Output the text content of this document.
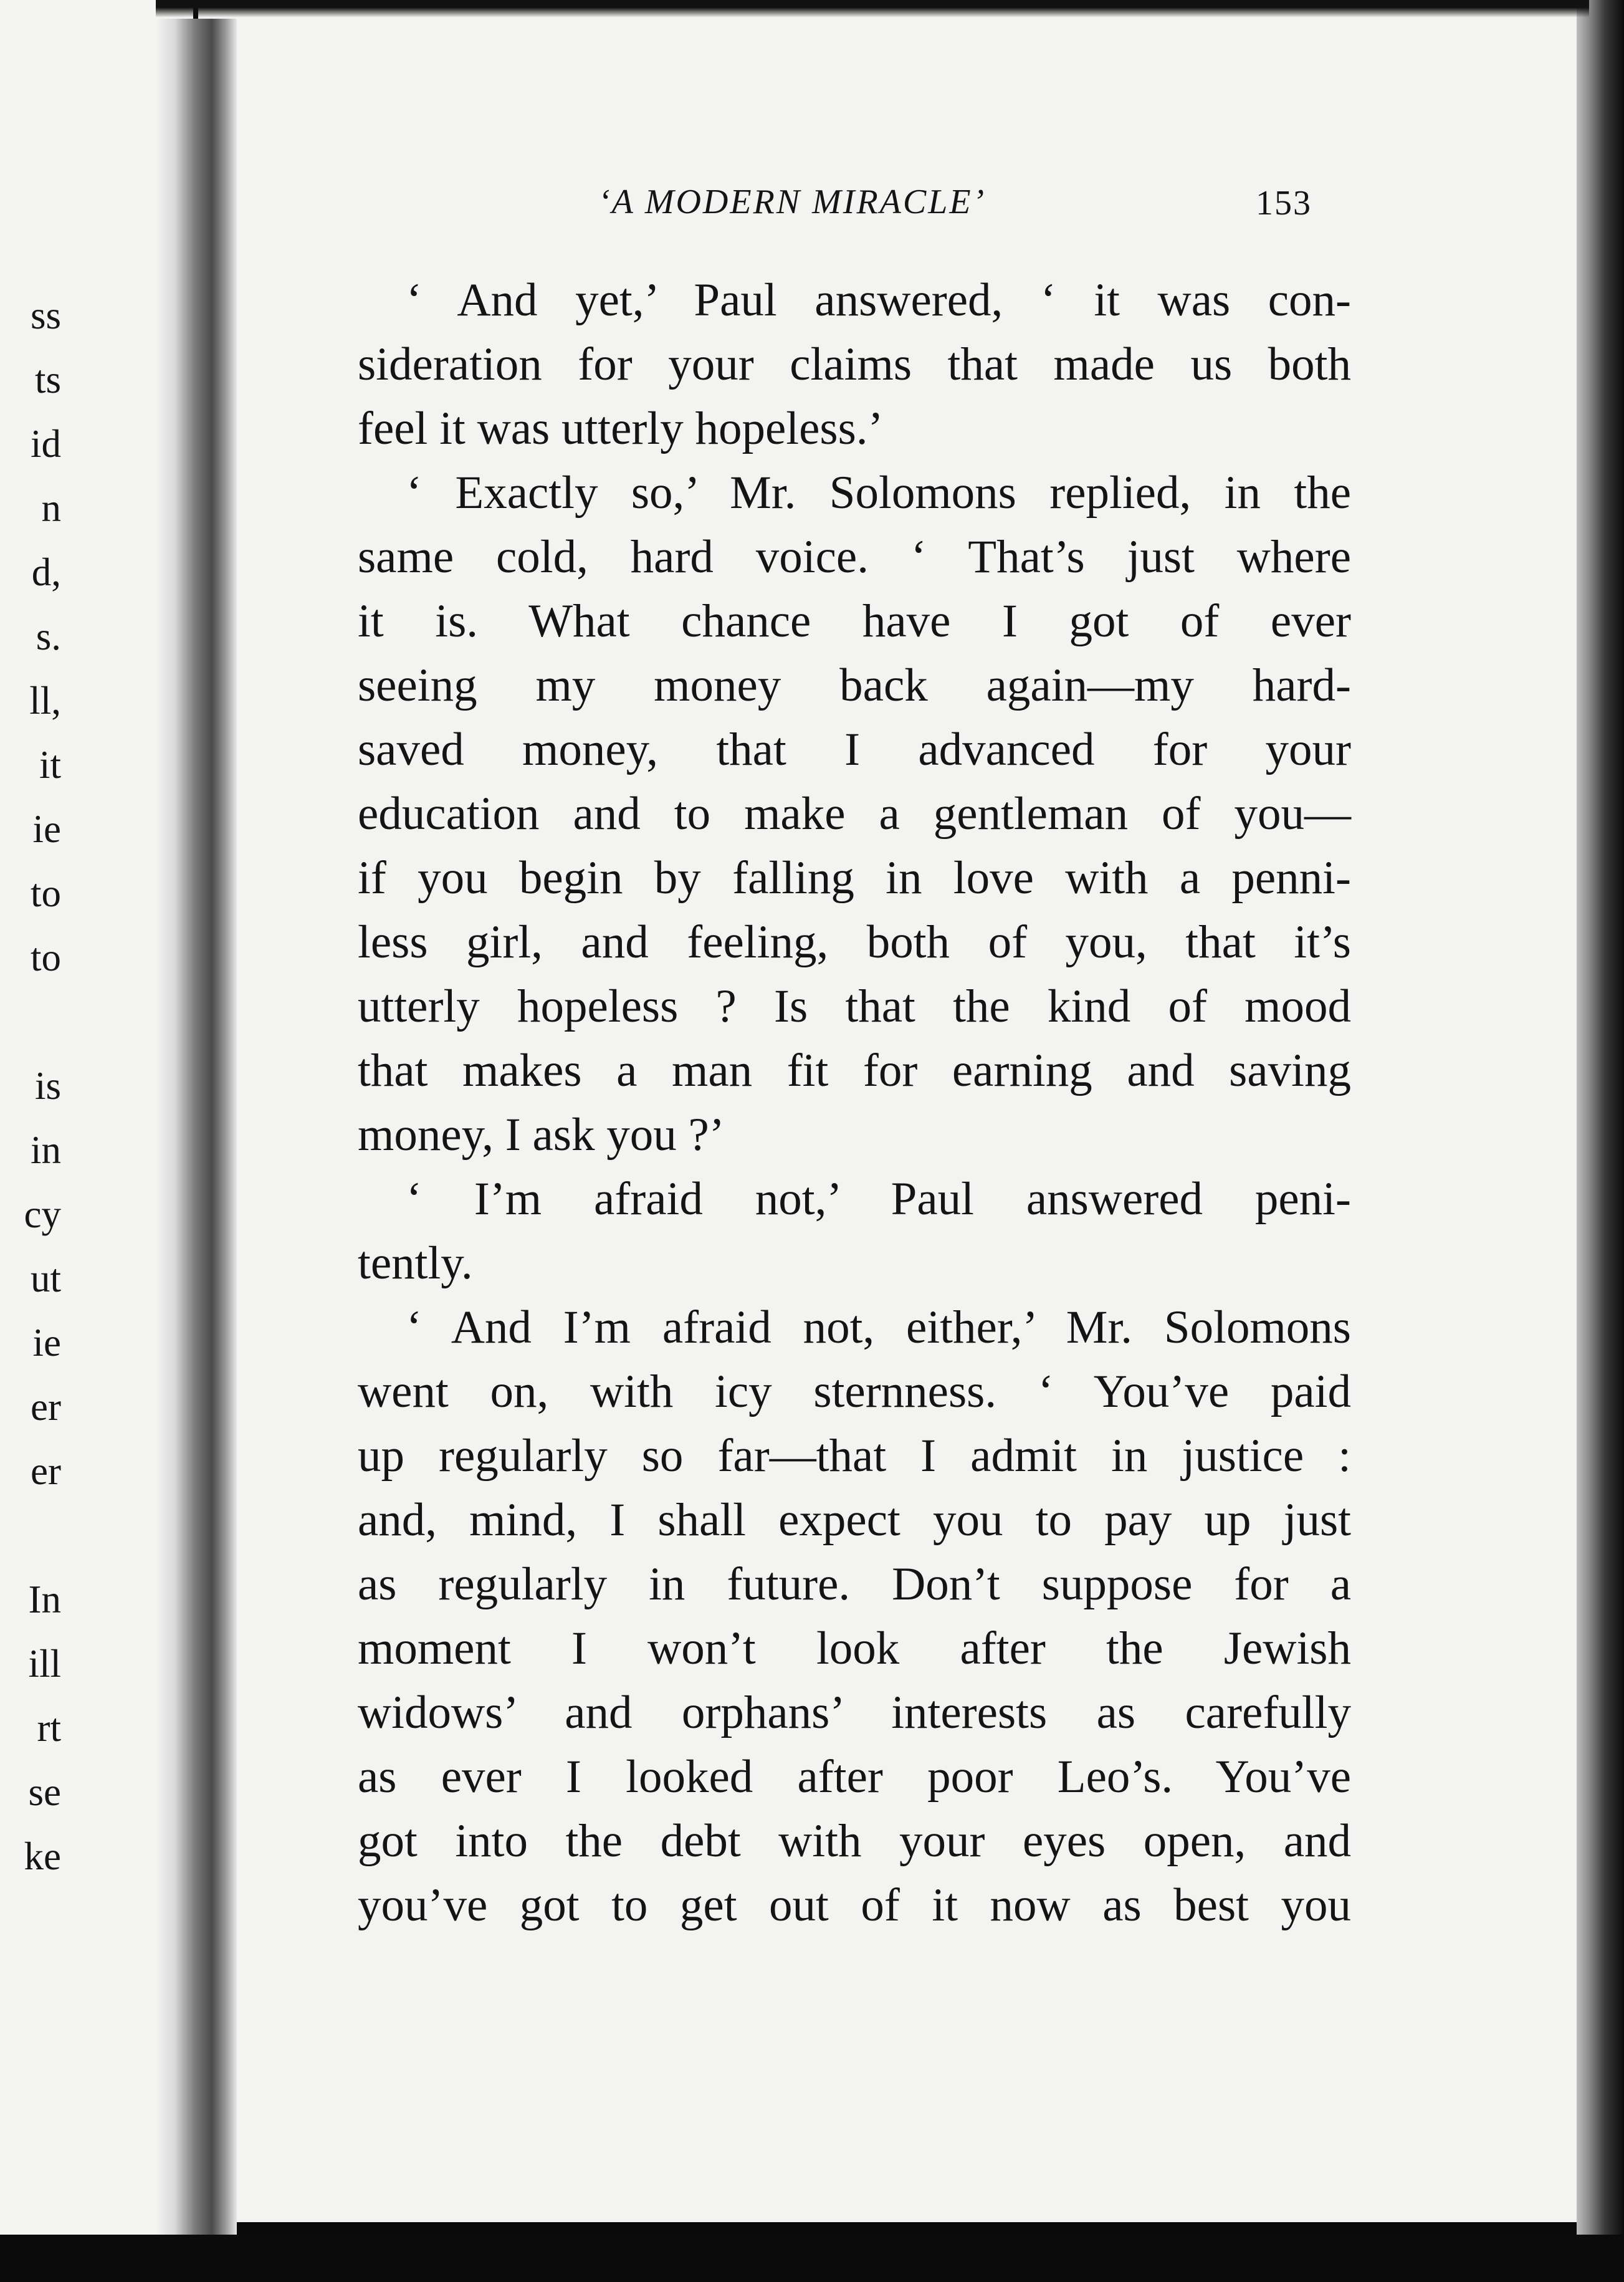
ss
ts
id
n
d,
s.
ll,
it
ie
to
to
is
in
cy
ut
ie
er
er
In
ill
rt
se
ke
‘A MODERN MIRACLE’	153
‘ And yet,’ Paul answered, ‘ it was con-
sideration for your claims that made us both
feel it was utterly hopeless.’
‘ Exactly so,’ Mr. Solomons replied, in the
same cold, hard voice. ‘ That’s just where
it is. What chance have I got of ever
seeing my money back again—my hard-
saved money, that I advanced for your
education and to make a gentleman of you—
if you begin by falling in love with a penni-
less girl, and feeling, both of you, that it’s
utterly hopeless ? Is that the kind of mood
that makes a man fit for earning and saving
money, I ask you ?’
‘ I’m afraid not,’ Paul answered peni-
tently.
‘ And I’m afraid not, either,’ Mr. Solomons
went on, with icy sternness. ‘ You’ve paid
up regularly so far—that I admit in justice :
and, mind, I shall expect you to pay up just
as regularly in future. Don’t suppose for a
moment I won’t look after the Jewish
widows’ and orphans’ interests as carefully
as ever I looked after poor Leo’s. You’ve
got into the debt with your eyes open, and
you’ve got to get out of it now as best you
